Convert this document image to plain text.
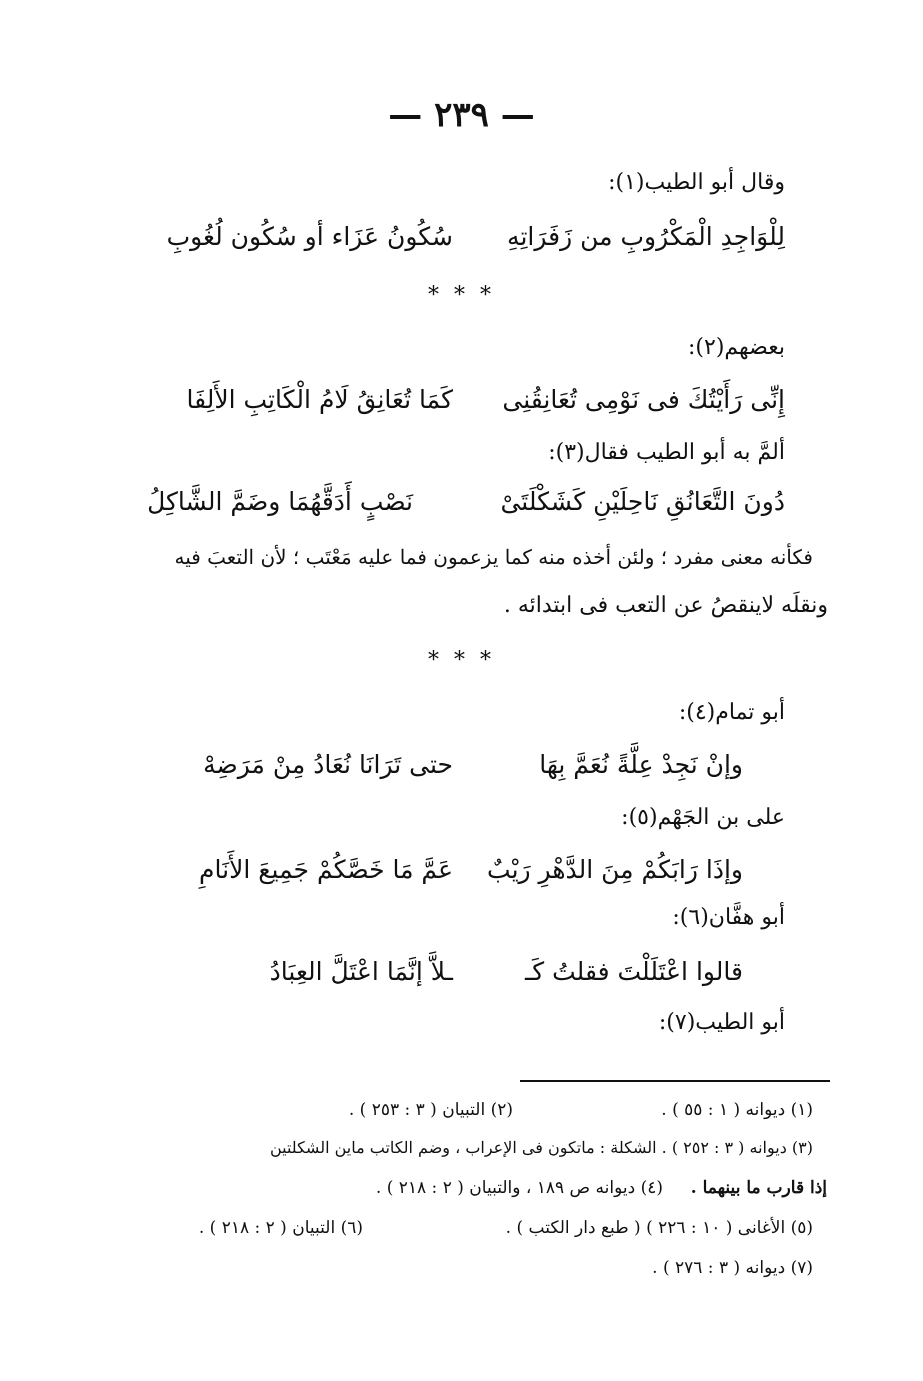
— ٢٣٩ —
وقال أبو الطيب(١):
لِلْوَاجِدِ الْمَكْرُوبِ من زَفَرَاتِهِ
سُكُونُ عَزَاء أو سُكُون لُغُوبِ
* * *
بعضهم(٢):
إِنِّى رَأَيْتُكَ فى نَوْمِى تُعَانِقُنِى
كَمَا تُعَانِقُ لَامُ الْكَاتِبِ الأَلِفَا
ألمَّ به أبو الطيب فقال(٣):
دُونَ التَّعَانُقِ نَاحِلَيْنِ كَشَكْلَتَىْ
نَصْبٍ أَدَقَّهُمَا وضَمَّ الشَّاكِلُ
فكأنه معنى مفرد ؛ ولئن أخذه منه كما يزعمون فما عليه مَعْتَب ؛ لأن التعبَ فيه
ونقلَه لاينقصُ عن التعب فى ابتدائه .
* * *
أبو تمام(٤):
وإنْ نَجِدْ عِلَّةً نُعَمَّ بِهَا
حتى تَرَانَا نُعَادُ مِنْ مَرَضِهْ
على بن الجَهْم(٥):
وإذَا رَابَكُمْ مِنَ الدَّهْرِ رَيْبٌ
عَمَّ مَا خَصَّكُمْ جَمِيعَ الأَنَامِ
أبو هفَّان(٦):
قالوا اعْتَلَلْتَ فقلتُ كَـ
ـلاَّ إنَّمَا اعْتَلَّ العِبَادُ
أبو الطيب(٧):
(١) ديوانه ( ١ : ٥٥ ) .
(٢) التبيان ( ٣ : ٢٥٣ ) .
(٣) ديوانه ( ٣ : ٢٥٢ ) . الشكلة : ماتكون فى الإعراب ، وضم الكاتب ماين الشكلتين
إذا قارب ما بينهما .
(٤) ديوانه ص ١٨٩ ، والتبيان ( ٢ : ٢١٨ ) .
(٥) الأغانى ( ١٠ : ٢٢٦ ) ( طبع دار الكتب ) .
(٦) التبيان ( ٢ : ٢١٨ ) .
(٧) ديوانه ( ٣ : ٢٧٦ ) .
